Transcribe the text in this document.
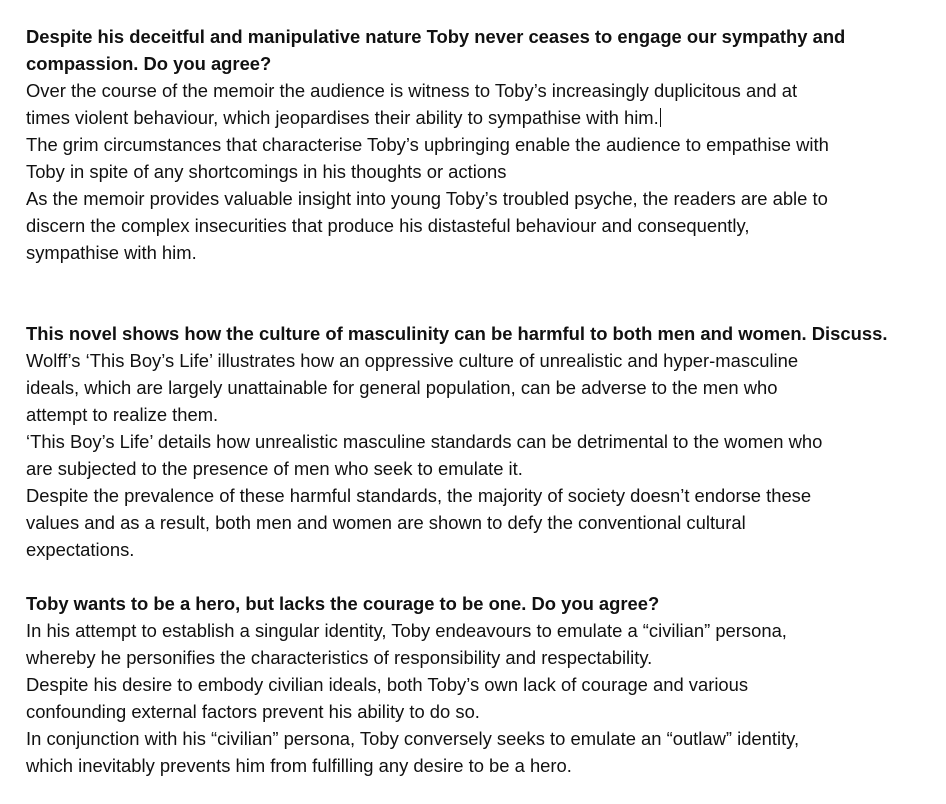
Despite his deceitful and manipulative nature Toby never ceases to engage our sympathy and
compassion. Do you agree?
Over the course of the memoir the audience is witness to Toby’s increasingly duplicitous and at
times violent behaviour, which jeopardises their ability to sympathise with him.
The grim circumstances that characterise Toby’s upbringing enable the audience to empathise with
Toby in spite of any shortcomings in his thoughts or actions
As the memoir provides valuable insight into young Toby’s troubled psyche, the readers are able to
discern the complex insecurities that produce his distasteful behaviour and consequently,
sympathise with him.
This novel shows how the culture of masculinity can be harmful to both men and women. Discuss.
Wolff’s ‘This Boy’s Life’ illustrates how an oppressive culture of unrealistic and hyper-masculine
ideals, which are largely unattainable for general population, can be adverse to the men who
attempt to realize them.
‘This Boy’s Life’ details how unrealistic masculine standards can be detrimental to the women who
are subjected to the presence of men who seek to emulate it.
Despite the prevalence of these harmful standards, the majority of society doesn’t endorse these
values and as a result, both men and women are shown to defy the conventional cultural
expectations.
Toby wants to be a hero, but lacks the courage to be one. Do you agree?
In his attempt to establish a singular identity, Toby endeavours to emulate a “civilian” persona,
whereby he personifies the characteristics of responsibility and respectability.
Despite his desire to embody civilian ideals, both Toby’s own lack of courage and various
confounding external factors prevent his ability to do so.
In conjunction with his “civilian” persona, Toby conversely seeks to emulate an “outlaw” identity,
which inevitably prevents him from fulfilling any desire to be a hero.
